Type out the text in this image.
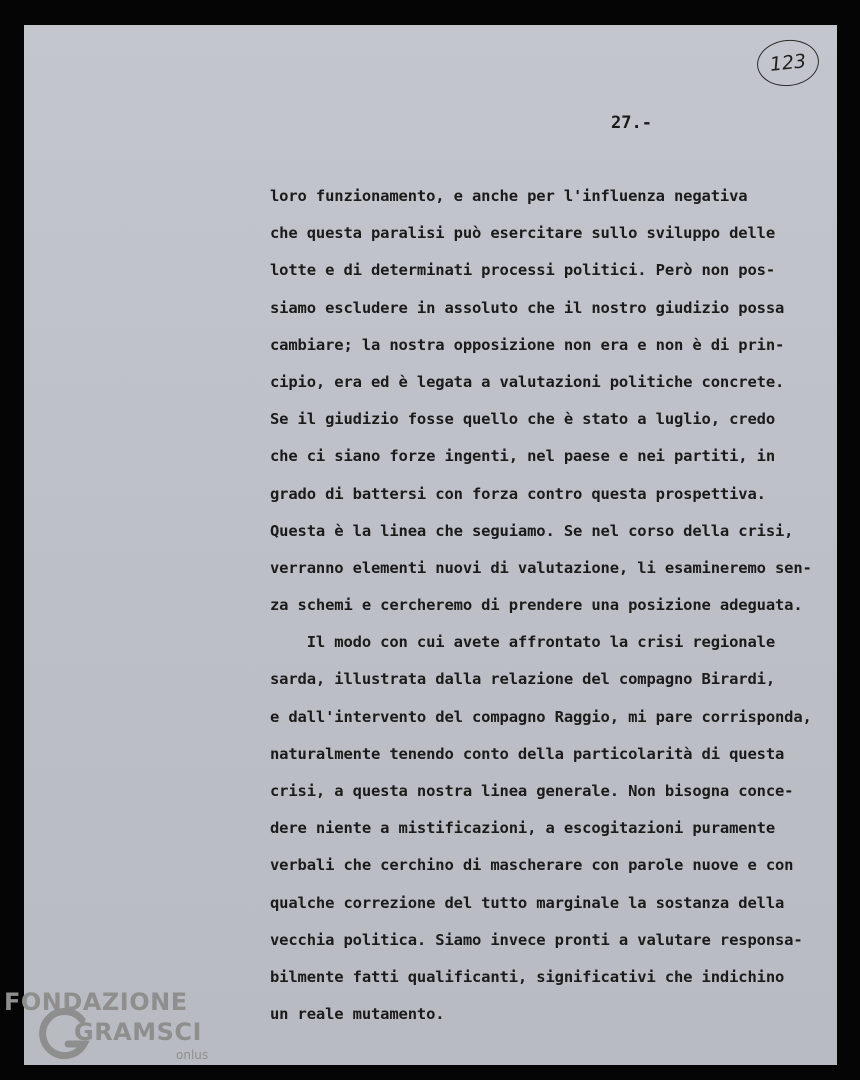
123
27.-
loro funzionamento, e anche per l'influenza negativa
che questa paralisi può esercitare sullo sviluppo delle
lotte e di determinati processi politici. Però non pos-
siamo escludere in assoluto che il nostro giudizio possa
cambiare; la nostra opposizione non era e non è di prin-
cipio, era ed è legata a valutazioni politiche concrete.
Se il giudizio fosse quello che è stato a luglio, credo
che ci siano forze ingenti, nel paese e nei partiti, in
grado di battersi con forza contro questa prospettiva.
Questa è la linea che seguiamo. Se nel corso della crisi,
verranno elementi nuovi di valutazione, li esamineremo sen-
za schemi e cercheremo di prendere una posizione adeguata.
Il modo con cui avete affrontato la crisi regionale
sarda, illustrata dalla relazione del compagno Birardi,
e dall'intervento del compagno Raggio, mi pare corrisponda,
naturalmente tenendo conto della particolarità di questa
crisi, a questa nostra linea generale. Non bisogna conce-
dere niente a mistificazioni, a escogitazioni puramente
verbali che cerchino di mascherare con parole nuove e con
qualche correzione del tutto marginale la sostanza della
vecchia politica. Siamo invece pronti a valutare responsa-
bilmente fatti qualificanti, significativi che indichino
un reale mutamento.
FONDAZIONE
GRAMSCI
onlus
